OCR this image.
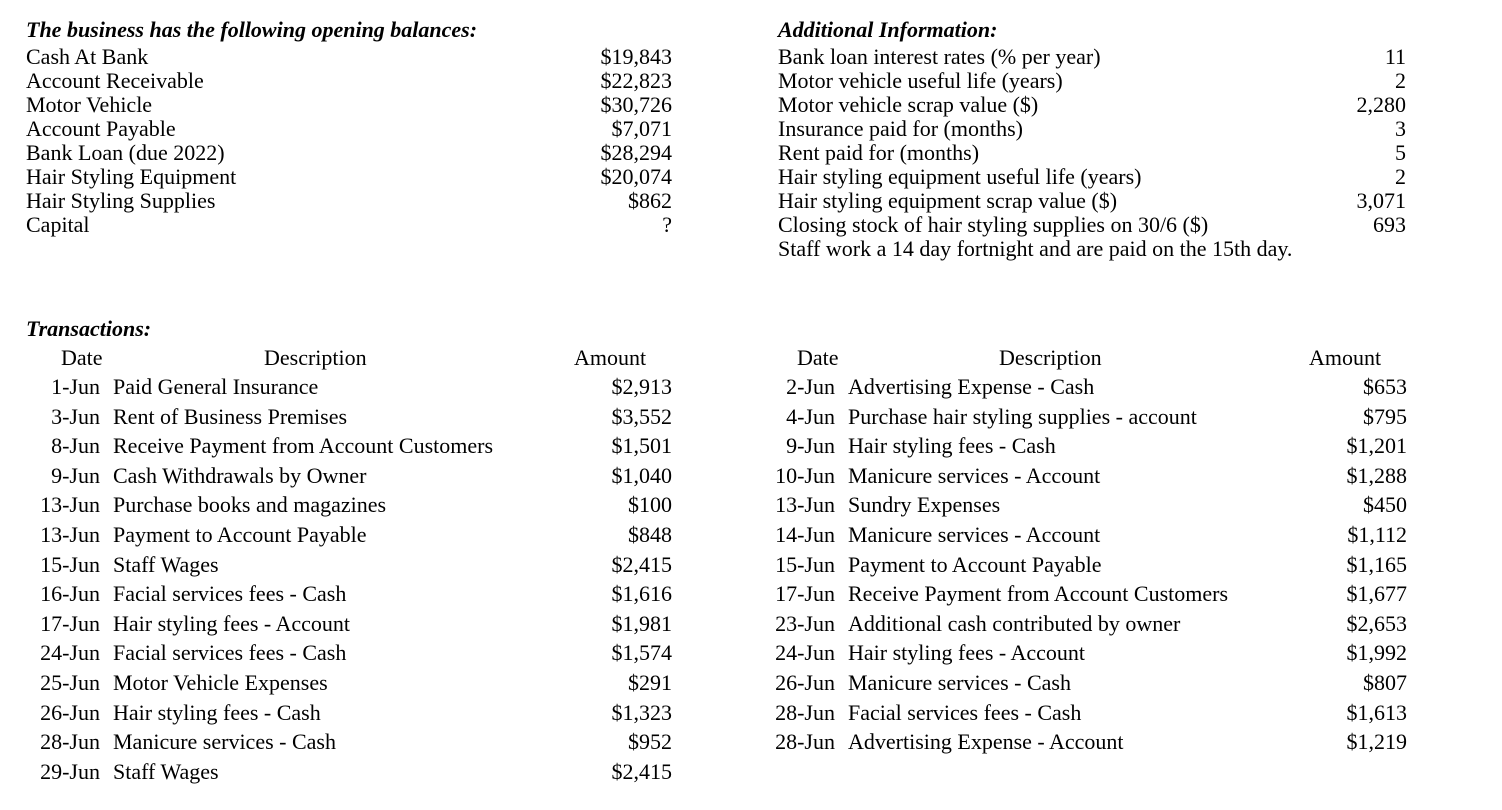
The business has the following opening balances:
Cash At Bank	$19,843
Account Receivable	$22,823
Motor Vehicle	$30,726
Account Payable	$7,071
Bank Loan (due 2022)	$28,294
Hair Styling Equipment	$20,074
Hair Styling Supplies	$862
Capital	?
Additional Information:
Bank loan interest rates (% per year)	11
Motor vehicle useful life (years)	2
Motor vehicle scrap value ($)	2,280
Insurance paid for (months)	3
Rent paid for (months)	5
Hair styling equipment useful life (years)	2
Hair styling equipment scrap value ($)	3,071
Closing stock of hair styling supplies on 30/6 ($)	693
Staff work a 14 day fortnight and are paid on the 15th day.
Transactions:
Date	Description	Amount	Date	Description	Amount
1-Jun Paid General Insurance	$2,913
3-Jun Rent of Business Premises	$3,552
8-Jun Receive Payment from Account Customers	$1,501
9-Jun Cash Withdrawals by Owner	$1,040
13-Jun Purchase books and magazines	$100
13-Jun Payment to Account Payable	$848
15-Jun Staff Wages	$2,415
16-Jun Facial services fees - Cash	$1,616
17-Jun Hair styling fees - Account	$1,981
24-Jun Facial services fees - Cash	$1,574
25-Jun Motor Vehicle Expenses	$291
26-Jun Hair styling fees - Cash	$1,323
28-Jun Manicure services - Cash	$952
29-Jun Staff Wages	$2,415
2-Jun Advertising Expense - Cash	$653
4-Jun Purchase hair styling supplies - account	$795
9-Jun Hair styling fees - Cash	$1,201
10-Jun Manicure services - Account	$1,288
13-Jun Sundry Expenses	$450
14-Jun Manicure services - Account	$1,112
15-Jun Payment to Account Payable	$1,165
17-Jun Receive Payment from Account Customers	$1,677
23-Jun Additional cash contributed by owner	$2,653
24-Jun Hair styling fees - Account	$1,992
26-Jun Manicure services - Cash	$807
28-Jun Facial services fees - Cash	$1,613
28-Jun Advertising Expense - Account	$1,219
